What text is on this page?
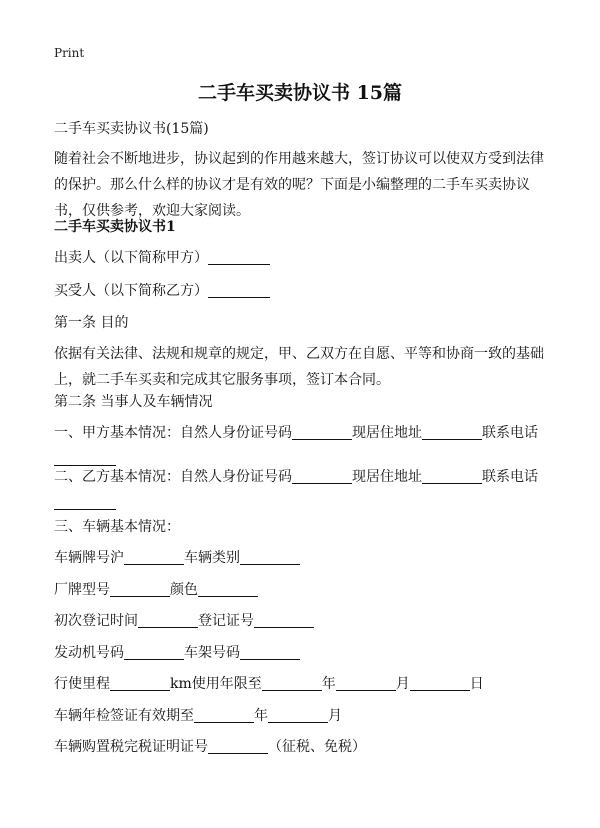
Print
二手车买卖协议书 15篇

二手车买卖协议书(15篇)

随着社会不断地进步，协议起到的作用越来越大，签订协议可以使双方受到法律的保护。那么什么样的协议才是有效的呢？下面是小编整理的二手车买卖协议书，仅供参考，欢迎大家阅读。

二手车买卖协议书1

出卖人（以下简称甲方）

买受人（以下简称乙方）

第一条 目的

依据有关法律、法规和规章的规定，甲、乙双方在自愿、平等和协商一致的基础上，就二手车买卖和完成其它服务事项，签订本合同。

第二条 当事人及车辆情况

一、甲方基本情况：自然人身份证号码	现居住地址	联系电话

二、乙方基本情况：自然人身份证号码	现居住地址	联系电话

三、车辆基本情况：

车辆牌号沪	车辆类别

厂牌型号	颜色

初次登记时间	登记证号

发动机号码	车架号码

行使里程	km使用年限至	年	月	日

车辆年检签证有效期至	年	月

车辆购置税完税证明证号	（征税、免税）
